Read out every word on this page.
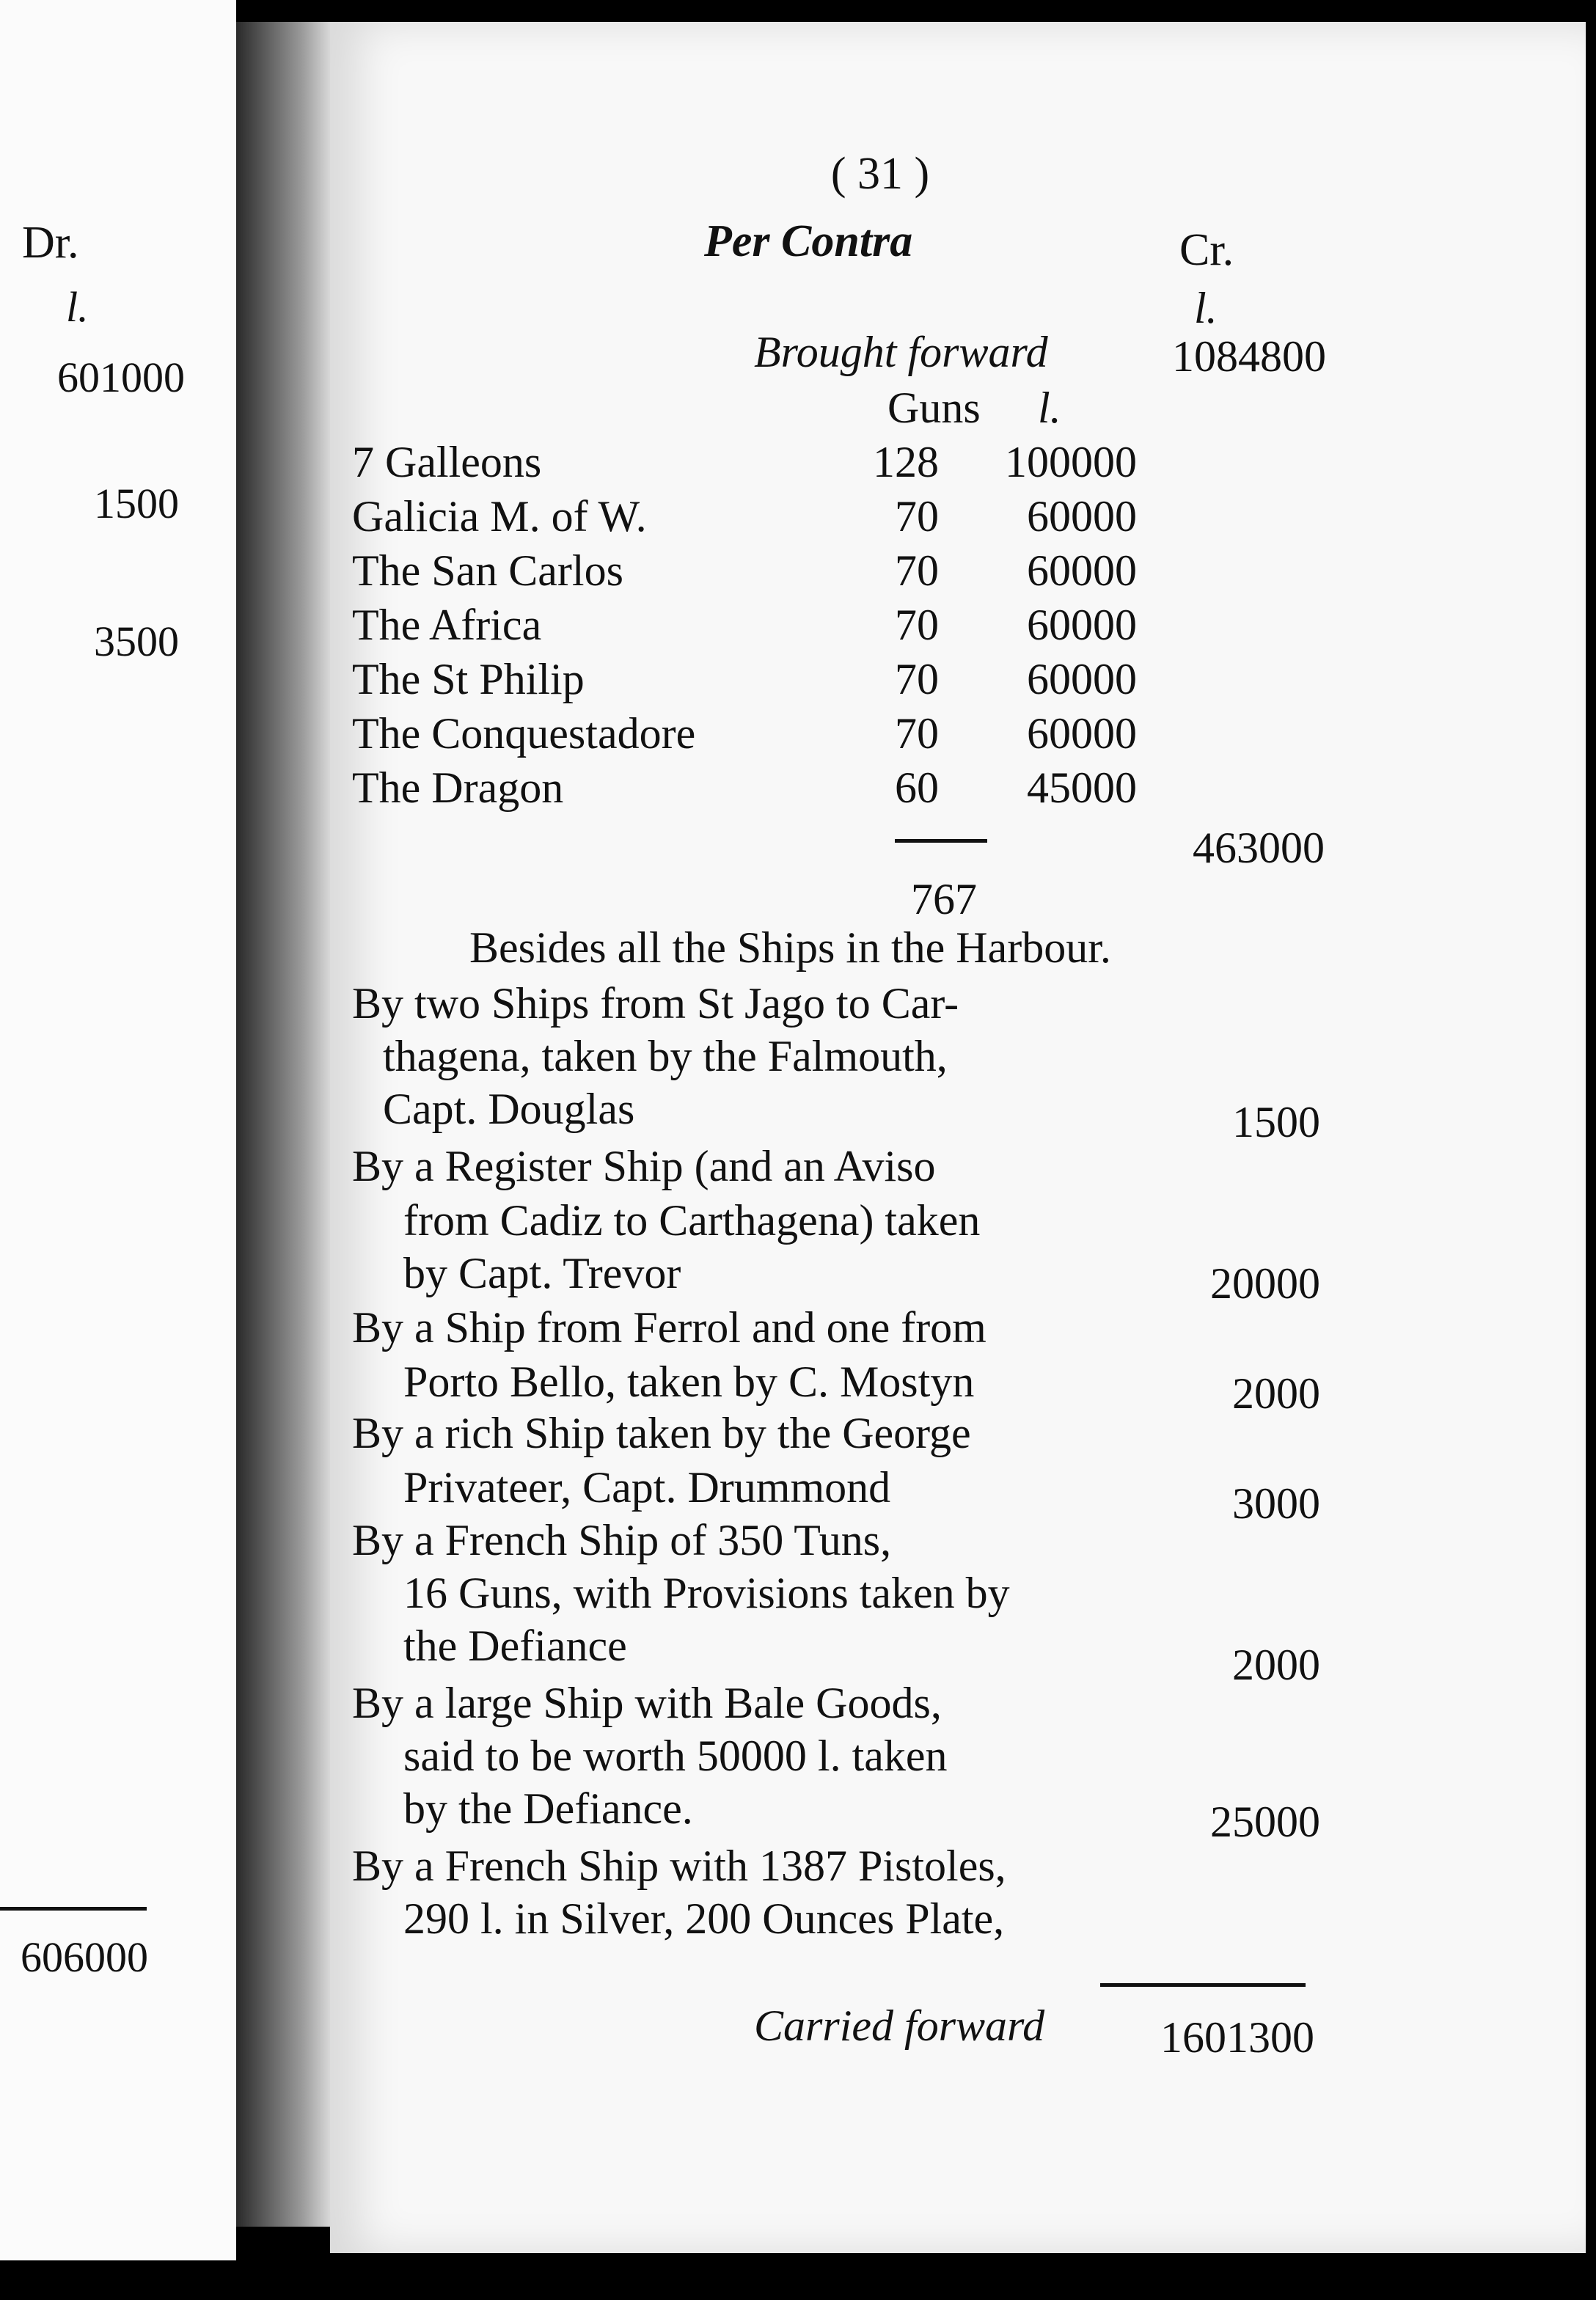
Dr.
l.
601000
1500
3500
606000
( 31 )
Per Contra	Cr.
l.
Brought forward	1084800
Guns l.
7 Galleons	128 100000
Galicia M. of W.	70 60000
The San Carlos	70 60000
The Africa	70 60000
The St Philip	70 60000
The Conquestadore	70 60000
The Dragon	60 45000
463000
767
Besides all the Ships in the Harbour.
By two Ships from St Jago to Car-
thagena, taken by the Falmouth,
Capt. Douglas	1500
By a Register Ship (and an Aviso
from Cadiz to Carthagena) taken
by Capt. Trevor	20000
By a Ship from Ferrol and one from
Porto Bello, taken by C. Mostyn	2000
By a rich Ship taken by the George
Privateer, Capt. Drummond	3000
By a French Ship of 350 Tuns,
16 Guns, with Provisions taken by
the Defiance	2000
By a large Ship with Bale Goods,
said to be worth 50000 l. taken
by the Defiance.	25000
By a French Ship with 1387 Pistoles,
290 l. in Silver, 200 Ounces Plate,
Carried forward	1601300
